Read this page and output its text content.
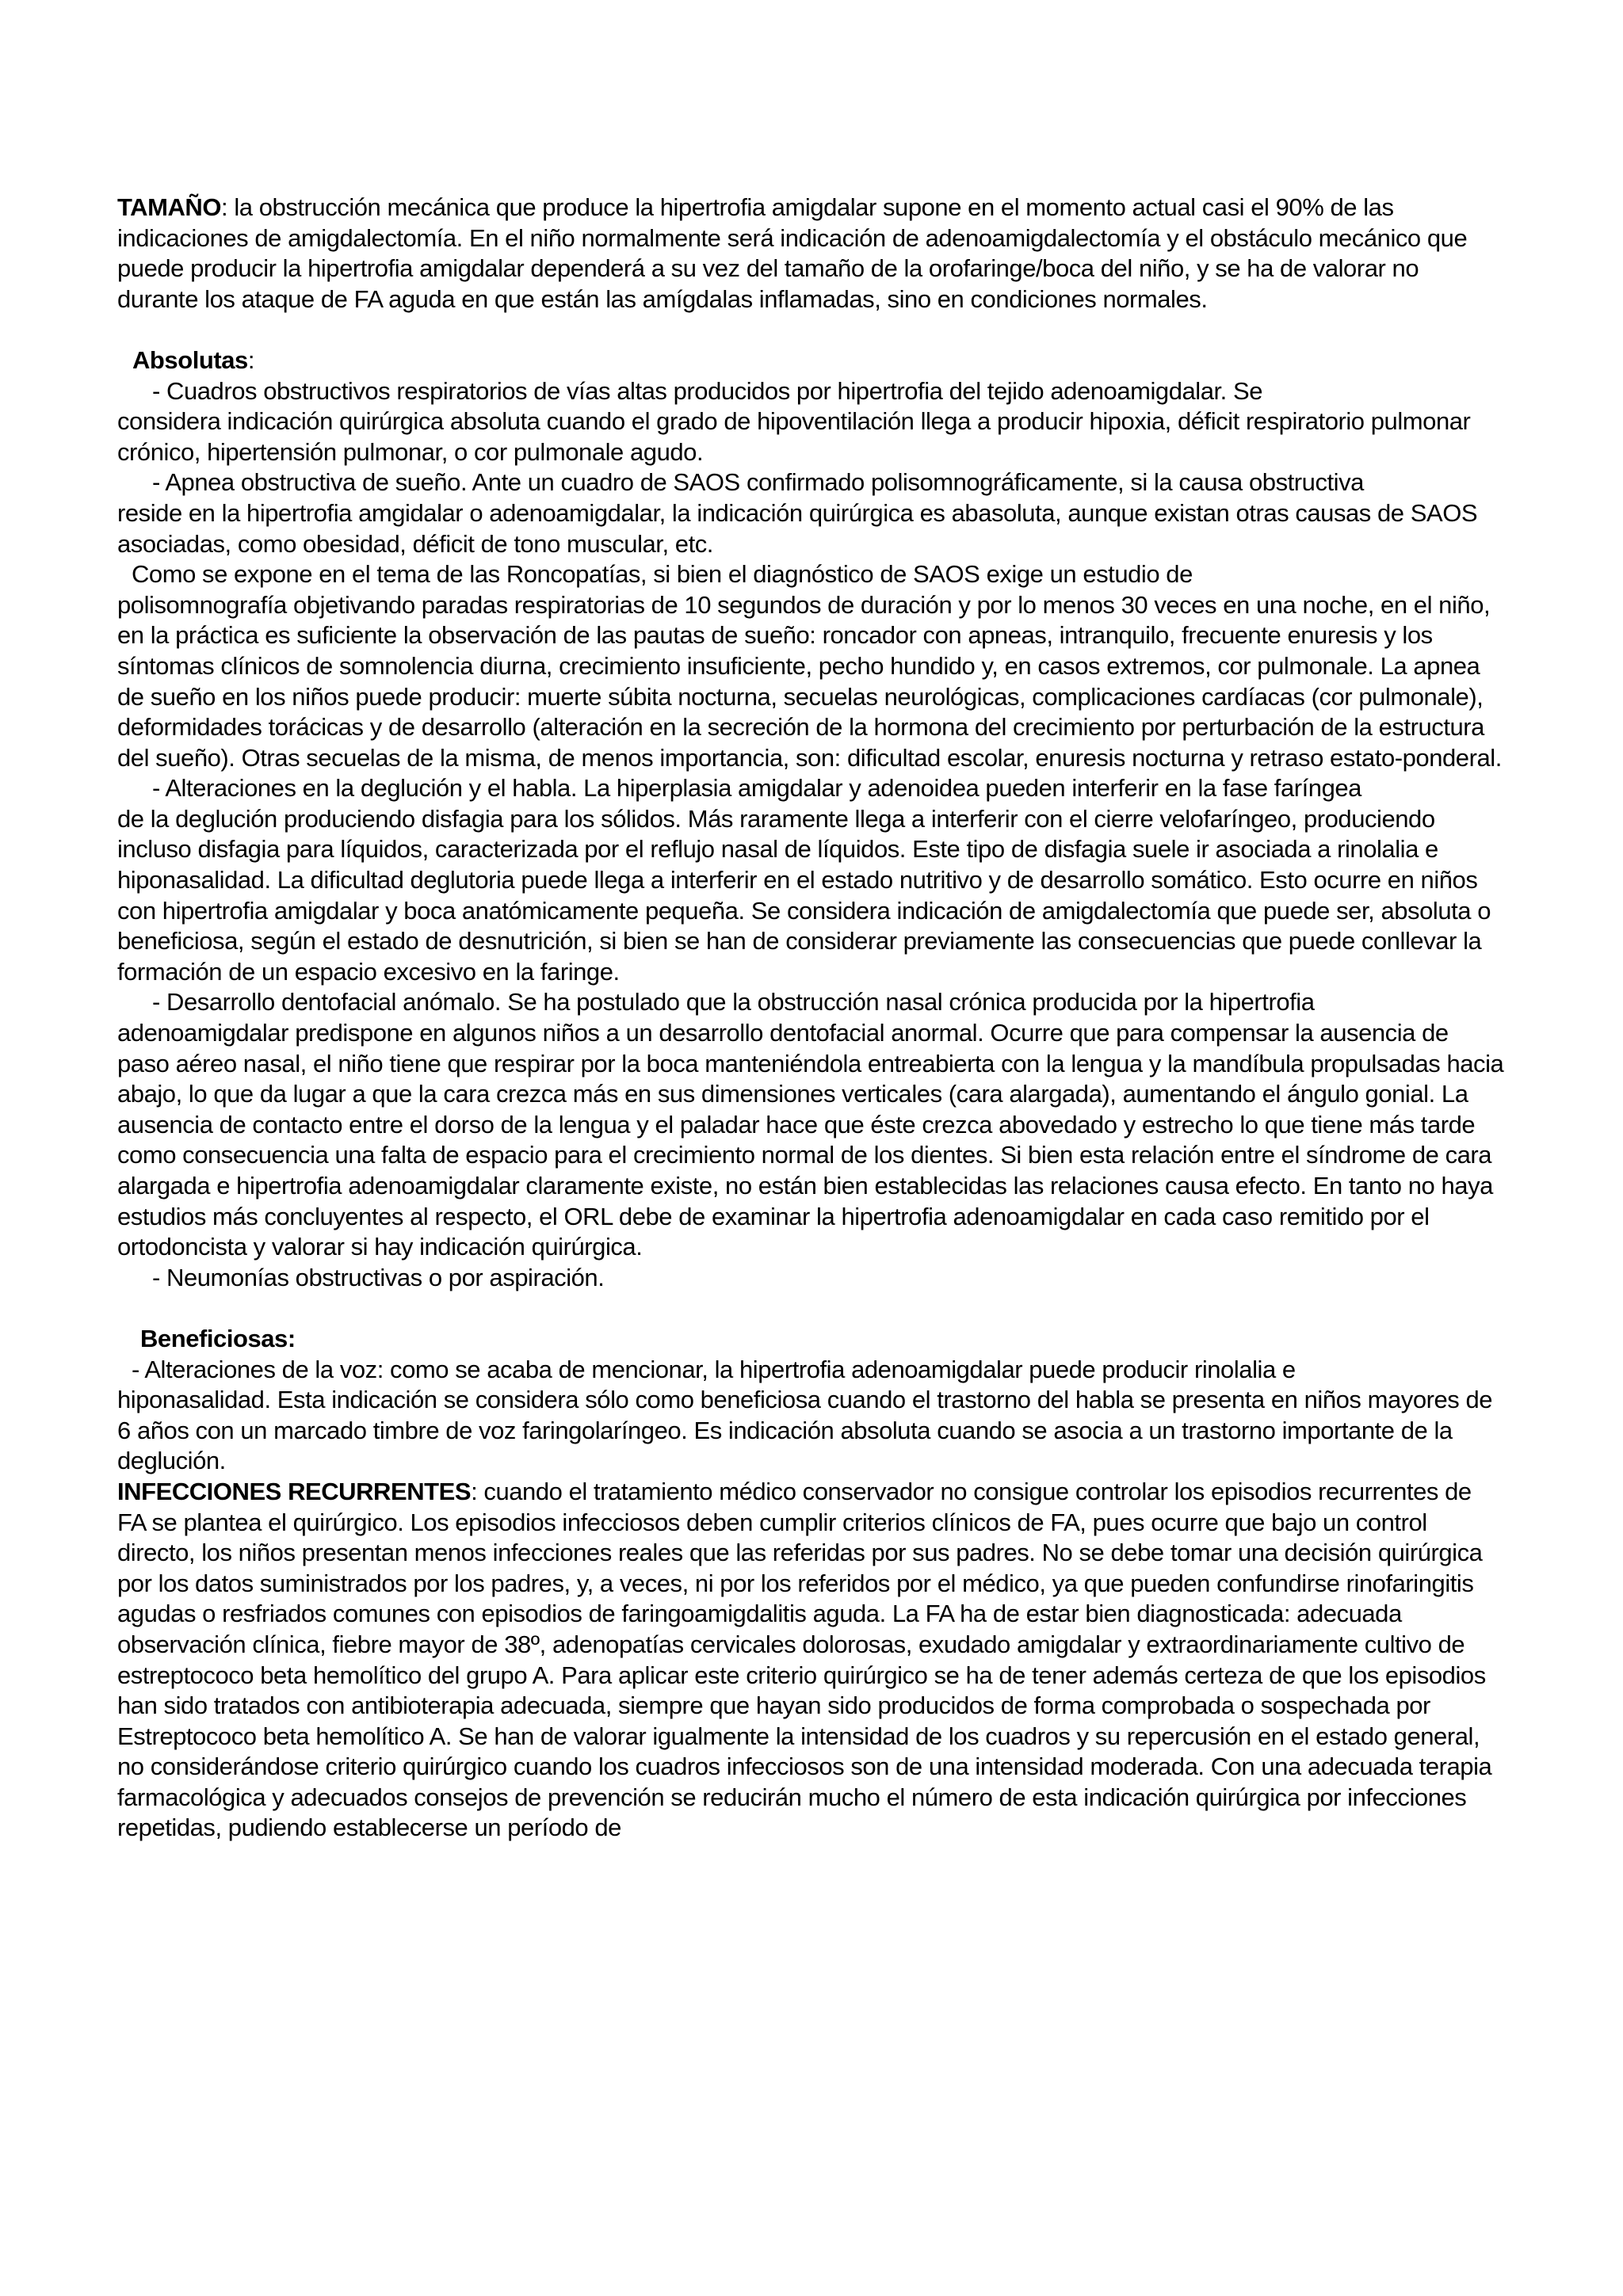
TAMAÑO: la obstrucción mecánica que produce la hipertrofia amigdalar supone en el momento actual casi el 90% de las indicaciones de amigdalectomía. En el niño normalmente será indicación de adenoamigdalectomía y el obstáculo mecánico que puede producir la hipertrofia amigdalar dependerá a su vez del tamaño de la orofaringe/boca del niño, y se ha de valorar no durante los ataque de FA aguda en que están las amígdalas inflamadas, sino en condiciones normales.

Absolutas:

- Cuadros obstructivos respiratorios de vías altas producidos por hipertrofia del tejido adenoamigdalar. Se

considera indicación quirúrgica absoluta cuando el grado de hipoventilación llega a producir hipoxia, déficit respiratorio pulmonar crónico, hipertensión pulmonar, o cor pulmonale agudo.

- Apnea obstructiva de sueño. Ante un cuadro de SAOS confirmado polisomnográficamente, si la causa obstructiva

reside en la hipertrofia amgidalar o adenoamigdalar, la indicación quirúrgica es abasoluta, aunque existan otras causas de SAOS asociadas, como obesidad, déficit de tono muscular, etc.

Como se expone en el tema de las Roncopatías, si bien el diagnóstico de SAOS exige un estudio de

polisomnografía objetivando paradas respiratorias de 10 segundos de duración y por lo menos 30 veces en una noche, en el niño, en la práctica es suficiente la observación de las pautas de sueño: roncador con apneas, intranquilo, frecuente enuresis y los síntomas clínicos de somnolencia diurna, crecimiento insuficiente, pecho hundido y, en casos extremos, cor pulmonale. La apnea de sueño en los niños puede producir: muerte súbita nocturna, secuelas neurológicas, complicaciones cardíacas (cor pulmonale), deformidades torácicas y de desarrollo (alteración en la secreción de la hormona del crecimiento por perturbación de la estructura del sueño). Otras secuelas de la misma, de menos importancia, son: dificultad escolar, enuresis nocturna y retraso estato-ponderal.

- Alteraciones en la deglución y el habla. La hiperplasia amigdalar y adenoidea pueden interferir en la fase faríngea

de la deglución produciendo disfagia para los sólidos. Más raramente llega a interferir con el cierre velofaríngeo, produciendo incluso disfagia para líquidos, caracterizada por el reflujo nasal de líquidos. Este tipo de disfagia suele ir asociada a rinolalia e hiponasalidad. La dificultad deglutoria puede llega a interferir en el estado nutritivo y de desarrollo somático. Esto ocurre en niños con hipertrofia amigdalar y boca anatómicamente pequeña. Se considera indicación de amigdalectomía que puede ser, absoluta o beneficiosa, según el estado de desnutrición, si bien se han de considerar previamente las consecuencias que puede conllevar la formación de un espacio excesivo en la faringe.

- Desarrollo dentofacial anómalo. Se ha postulado que la obstrucción nasal crónica producida por la hipertrofia

adenoamigdalar predispone en algunos niños a un desarrollo dentofacial anormal. Ocurre que para compensar la ausencia de paso aéreo nasal, el niño tiene que respirar por la boca manteniéndola entreabierta con la lengua y la mandíbula propulsadas hacia abajo, lo que da lugar a que la cara crezca más en sus dimensiones verticales (cara alargada), aumentando el ángulo gonial. La ausencia de contacto entre el dorso de la lengua y el paladar hace que éste crezca abovedado y estrecho lo que tiene más tarde como consecuencia una falta de espacio para el crecimiento normal de los dientes. Si bien esta relación entre el síndrome de cara alargada e hipertrofia adenoamigdalar claramente existe, no están bien establecidas las relaciones causa efecto. En tanto no haya estudios más concluyentes al respecto, el ORL debe de examinar la hipertrofia adenoamigdalar en cada caso remitido por el ortodoncista y valorar si hay indicación quirúrgica.

- Neumonías obstructivas o por aspiración.

Beneficiosas:

- Alteraciones de la voz: como se acaba de mencionar, la hipertrofia adenoamigdalar puede producir rinolalia e

hiponasalidad. Esta indicación se considera sólo como beneficiosa cuando el trastorno del habla se presenta en niños mayores de 6 años con un marcado timbre de voz faringolaríngeo. Es indicación absoluta cuando se asocia a un trastorno importante de la deglución.

INFECCIONES RECURRENTES: cuando el tratamiento médico conservador no consigue controlar los episodios recurrentes de FA se plantea el quirúrgico. Los episodios infecciosos deben cumplir criterios clínicos de FA, pues ocurre que bajo un control directo, los niños presentan menos infecciones reales que las referidas por sus padres. No se debe tomar una decisión quirúrgica por los datos suministrados por los padres, y, a veces, ni por los referidos por el médico, ya que pueden confundirse rinofaringitis agudas o resfriados comunes con episodios de faringoamigdalitis aguda. La FA ha de estar bien diagnosticada: adecuada observación clínica, fiebre mayor de 38º, adenopatías cervicales dolorosas, exudado amigdalar y extraordinariamente cultivo de estreptococo beta hemolítico del grupo A. Para aplicar este criterio quirúrgico se ha de tener además certeza de que los episodios han sido tratados con antibioterapia adecuada, siempre que hayan sido producidos de forma comprobada o sospechada por Estreptococo beta hemolítico A. Se han de valorar igualmente la intensidad de los cuadros y su repercusión en el estado general, no considerándose criterio quirúrgico cuando los cuadros infecciosos son de una intensidad moderada. Con una adecuada terapia farmacológica y adecuados consejos de prevención se reducirán mucho el número de esta indicación quirúrgica por infecciones repetidas, pudiendo establecerse un período de
